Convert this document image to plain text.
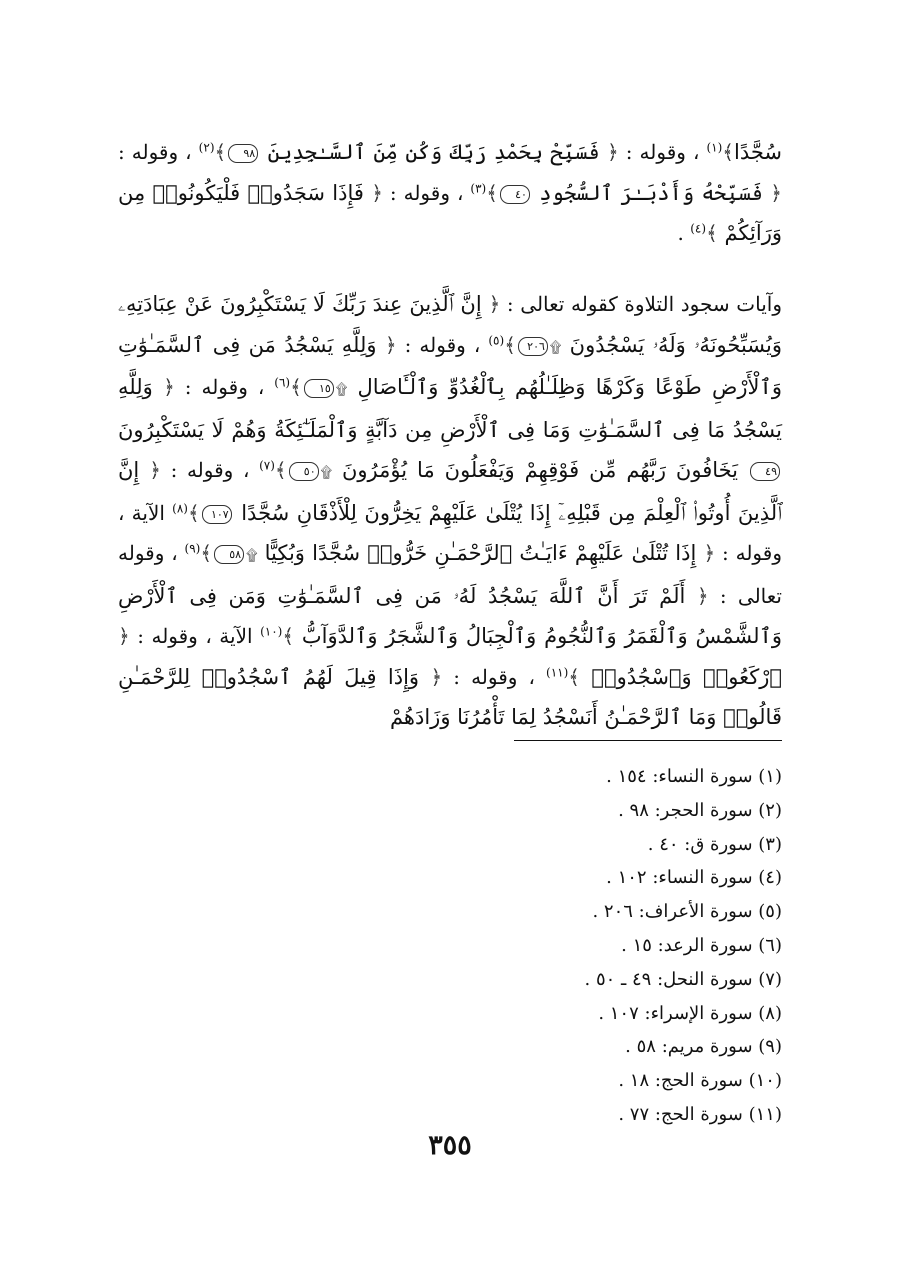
سُجَّدًا﴾$^{(١)}$ ، وقوله : ﴿ فَسَبِّحْ بِحَمْدِ رَبِّكَ وَكُن مِّنَ ٱلسَّـٰجِدِينَ ٩٨﴾$^{(٢)}$ ، وقوله : ﴿ فَسَبِّحْهُ وَأَدْبَـٰرَ ٱلسُّجُودِ ٤٠﴾$^{(٣)}$ ، وقوله : ﴿ فَإِذَا سَجَدُوا۟ فَلْيَكُونُوا۟ مِن وَرَآئِكُمْ ﴾$^{(٤)}$ .

وآيات سجود التلاوة كقوله تعالى : ﴿ إِنَّ ٱلَّذِينَ عِندَ رَبِّكَ لَا يَسْتَكْبِرُونَ عَنْ عِبَادَتِهِۦ وَيُسَبِّحُونَهُۥ وَلَهُۥ يَسْجُدُونَ ۩٢٠٦﴾$^{(٥)}$ ، وقوله : ﴿ وَلِلَّهِ يَسْجُدُ مَن فِى ٱلسَّمَـٰوَٰتِ وَٱلْأَرْضِ طَوْعًا وَكَرْهًا وَظِلَـٰلُهُم بِٱلْغُدُوِّ وَٱلْـَٔاصَالِ ۩١٥﴾$^{(٦)}$ ، وقوله : ﴿ وَلِلَّهِ يَسْجُدُ مَا فِى ٱلسَّمَـٰوَٰتِ وَمَا فِى ٱلْأَرْضِ مِن دَآبَّةٍ وَٱلْمَلَـٰٓئِكَةُ وَهُمْ لَا يَسْتَكْبِرُونَ ٤٩ يَخَافُونَ رَبَّهُم مِّن فَوْقِهِمْ وَيَفْعَلُونَ مَا يُؤْمَرُونَ ۩٥٠﴾$^{(٧)}$ ، وقوله : ﴿ إِنَّ ٱلَّذِينَ أُوتُوا۟ ٱلْعِلْمَ مِن قَبْلِهِۦٓ إِذَا يُتْلَىٰ عَلَيْهِمْ يَخِرُّونَ لِلْأَذْقَانِ سُجَّدًا ١٠٧﴾$^{(٨)}$ الآية ، وقوله : ﴿ إِذَا تُتْلَىٰ عَلَيْهِمْ ءَايَـٰتُ ٱلرَّحْمَـٰنِ خَرُّوا۟ سُجَّدًا وَبُكِيًّا ۩٥٨﴾$^{(٩)}$ ، وقوله تعالى : ﴿ أَلَمْ تَرَ أَنَّ ٱللَّهَ يَسْجُدُ لَهُۥ مَن فِى ٱلسَّمَـٰوَٰتِ وَمَن فِى ٱلْأَرْضِ وَٱلشَّمْسُ وَٱلْقَمَرُ وَٱلنُّجُومُ وَٱلْجِبَالُ وَٱلشَّجَرُ وَٱلدَّوَآبُّ ﴾$^{(١٠)}$ الآية ، وقوله : ﴿ ٱرْكَعُوا۟ وَٱسْجُدُوا۟ ﴾$^{(١١)}$ ، وقوله : ﴿ وَإِذَا قِيلَ لَهُمُ ٱسْجُدُوا۟ لِلرَّحْمَـٰنِ قَالُوا۟ وَمَا ٱلرَّحْمَـٰنُ أَنَسْجُدُ لِمَا تَأْمُرُنَا وَزَادَهُمْ

(١) سورة النساء: ١٥٤ .
(٢) سورة الحجر: ٩٨ .
(٣) سورة ق: ٤٠ .
(٤) سورة النساء: ١٠٢ .
(٥) سورة الأعراف: ٢٠٦ .
(٦) سورة الرعد: ١٥ .
(٧) سورة النحل: ٤٩ ـ ٥٠ .
(٨) سورة الإسراء: ١٠٧ .
(٩) سورة مريم: ٥٨ .
(١٠) سورة الحج: ١٨ .
(١١) سورة الحج: ٧٧ .
٣٥٥
